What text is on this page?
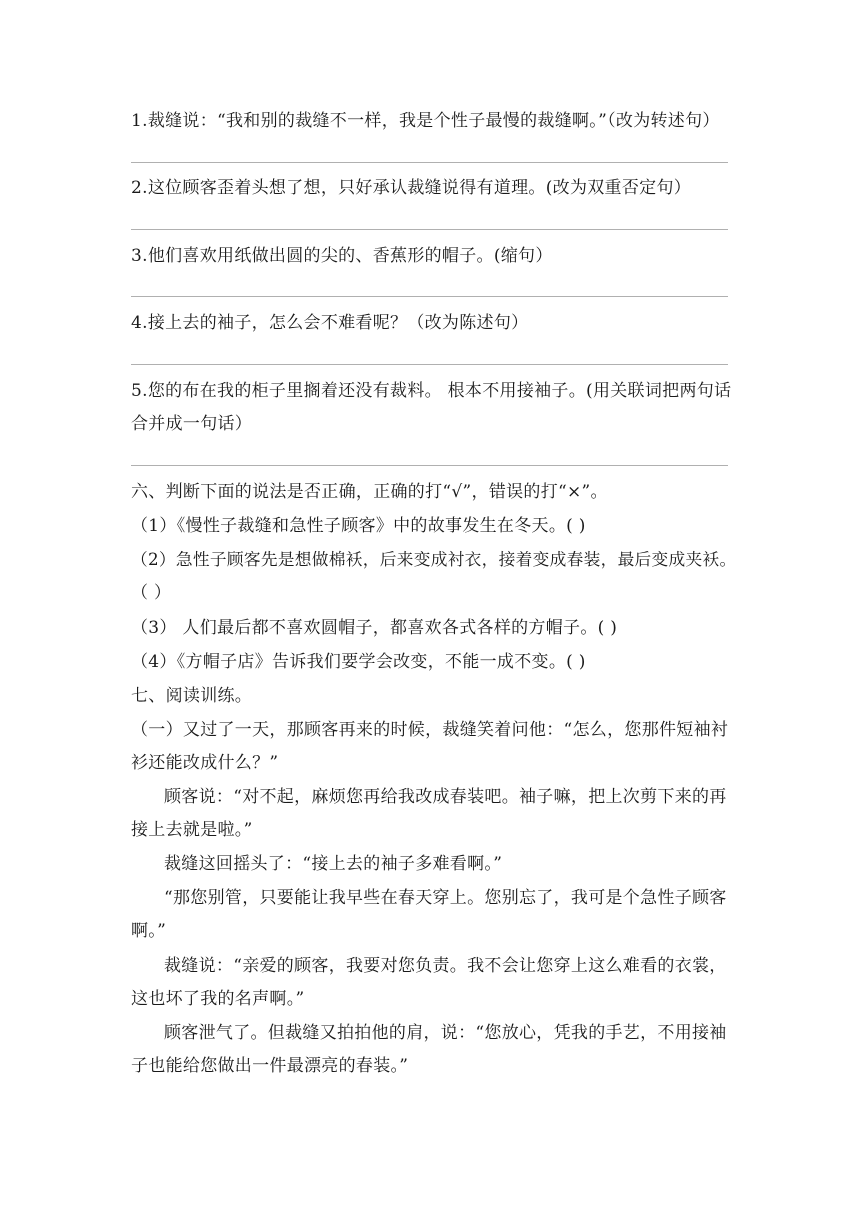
1.裁缝说：“我和别的裁缝不一样，我是个性子最慢的裁缝啊。”（改为转述句）
2.这位顾客歪着头想了想，只好承认裁缝说得有道理。(改为双重否定句）
3.他们喜欢用纸做出圆的尖的、香蕉形的帽子。(缩句）
4.接上去的袖子，怎么会不难看呢？（改为陈述句）
5.您的布在我的柜子里搁着还没有裁料。 根本不用接袖子。(用关联词把两句话
合并成一句话）
六、判断下面的说法是否正确，正确的打“√”，错误的打“×”。
（1）《慢性子裁缝和急性子顾客》中的故事发生在冬天。( )
（2）急性子顾客先是想做棉袄，后来变成衬衣，接着变成春装，最后变成夹袄。
（ ）
（3） 人们最后都不喜欢圆帽子，都喜欢各式各样的方帽子。( )
（4）《方帽子店》告诉我们要学会改变，不能一成不变。( )
七、阅读训练。
（一）又过了一天，那顾客再来的时候，裁缝笑着问他：“怎么，您那件短袖衬
衫还能改成什么？”
顾客说：“对不起，麻烦您再给我改成春装吧。袖子嘛，把上次剪下来的再
接上去就是啦。”
裁缝这回摇头了：“接上去的袖子多难看啊。”
“那您别管，只要能让我早些在春天穿上。您别忘了，我可是个急性子顾客
啊。”
裁缝说：“亲爱的顾客，我要对您负责。我不会让您穿上这么难看的衣裳，
这也坏了我的名声啊。”
顾客泄气了。但裁缝又拍拍他的肩，说：“您放心，凭我的手艺，不用接袖
子也能给您做出一件最漂亮的春装。”
